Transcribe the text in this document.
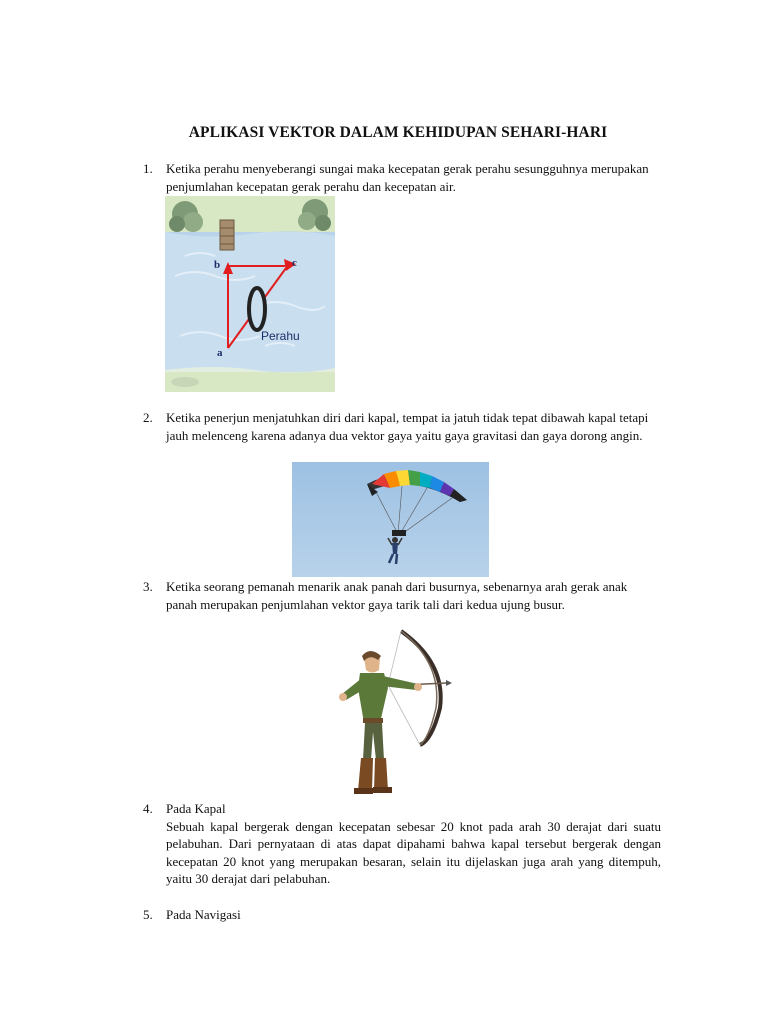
APLIKASI VEKTOR DALAM KEHIDUPAN SEHARI-HARI
1.	Ketika perahu menyeberangi sungai maka kecepatan gerak perahu sesungguhnya merupakan penjumlahan kecepatan gerak perahu dan kecepatan air.
b	c
a
Perahu
2.	Ketika penerjun menjatuhkan diri dari kapal, tempat ia jatuh tidak tepat dibawah kapal tetapi jauh melenceng karena adanya dua vektor gaya yaitu gaya gravitasi dan gaya dorong angin.
3.	Ketika seorang pemanah menarik anak panah dari busurnya, sebenarnya arah gerak anak panah merupakan penjumlahan vektor gaya tarik tali dari kedua ujung busur.
4.	Pada Kapal
Sebuah kapal bergerak dengan kecepatan sebesar 20 knot pada arah 30 derajat dari suatu pelabuhan. Dari pernyataan di atas dapat dipahami bahwa kapal tersebut bergerak dengan kecepatan 20 knot yang merupakan besaran, selain itu dijelaskan juga arah yang ditempuh, yaitu 30 derajat dari pelabuhan.
5.	Pada Navigasi
